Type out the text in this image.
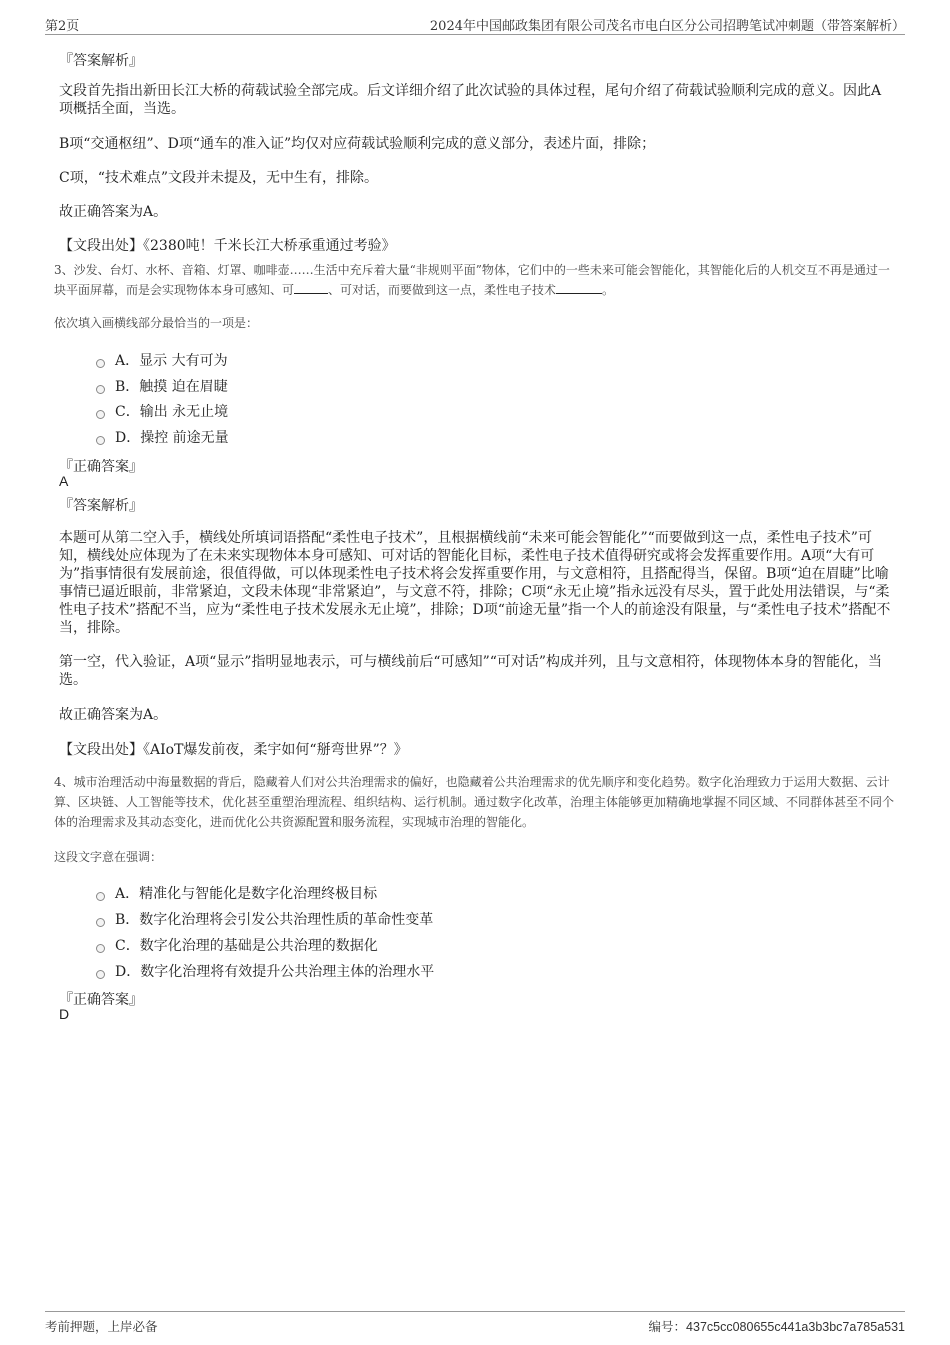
第2页	2024年中国邮政集团有限公司茂名市电白区分公司招聘笔试冲刺题（带答案解析）
『答案解析』
文段首先指出新田长江大桥的荷载试验全部完成。后文详细介绍了此次试验的具体过程，尾句介绍了荷载试验顺利完成的意义。因此A项概括全面，当选。
B项“交通枢纽”、D项“通车的准入证”均仅对应荷载试验顺利完成的意义部分，表述片面，排除；
C项，“技术难点”文段并未提及，无中生有，排除。
故正确答案为A。
【文段出处】《2380吨！千米长江大桥承重通过考验》
3、沙发、台灯、水杯、音箱、灯罩、咖啡壶……生活中充斥着大量“非规则平面”物体，它们中的一些未来可能会智能化，其智能化后的人机交互不再是通过一块平面屏幕，而是会实现物体本身可感知、可	、可对话，而要做到这一点，柔性电子技术	。
依次填入画横线部分最恰当的一项是：
A．显示 大有可为
B．触摸 迫在眉睫
C．输出 永无止境
D．操控 前途无量
『正确答案』
A
『答案解析』
本题可从第二空入手，横线处所填词语搭配“柔性电子技术”，且根据横线前“未来可能会智能化”“而要做到这一点，柔性电子技术”可知，横线处应体现为了在未来实现物体本身可感知、可对话的智能化目标，柔性电子技术值得研究或将会发挥重要作用。A项“大有可为”指事情很有发展前途，很值得做，可以体现柔性电子技术将会发挥重要作用，与文意相符，且搭配得当，保留。B项“迫在眉睫”比喻事情已逼近眼前，非常紧迫，文段未体现“非常紧迫”，与文意不符，排除；C项“永无止境”指永远没有尽头，置于此处用法错误，与“柔性电子技术”搭配不当，应为“柔性电子技术发展永无止境”，排除；D项“前途无量”指一个人的前途没有限量，与“柔性电子技术”搭配不当，排除。
第一空，代入验证，A项“显示”指明显地表示，可与横线前后“可感知”“可对话”构成并列，且与文意相符，体现物体本身的智能化，当选。
故正确答案为A。
【文段出处】《AIoT爆发前夜，柔宇如何“掰弯世界”？》
4、城市治理活动中海量数据的背后，隐藏着人们对公共治理需求的偏好，也隐藏着公共治理需求的优先顺序和变化趋势。数字化治理致力于运用大数据、云计算、区块链、人工智能等技术，优化甚至重塑治理流程、组织结构、运行机制。通过数字化改革，治理主体能够更加精确地掌握不同区域、不同群体甚至不同个体的治理需求及其动态变化，进而优化公共资源配置和服务流程，实现城市治理的智能化。
这段文字意在强调：
A．精准化与智能化是数字化治理终极目标
B．数字化治理将会引发公共治理性质的革命性变革
C．数字化治理的基础是公共治理的数据化
D．数字化治理将有效提升公共治理主体的治理水平
『正确答案』
D
考前押题，上岸必备	编号：437c5cc080655c441a3b3bc7a785a531
